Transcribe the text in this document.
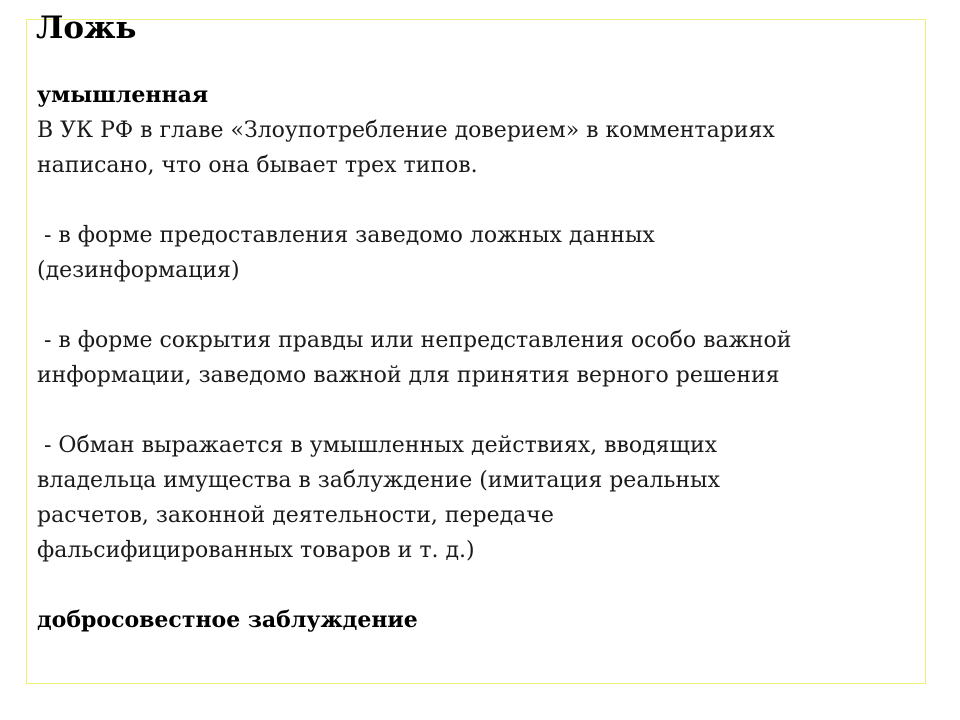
Ложь

умышленная

В УК РФ в главе «Злоупотребление доверием» в комментариях

написано, что она бывает трех типов.

- в форме предоставления заведомо ложных данных

(дезинформация)

- в форме сокрытия правды или непредставления особо важной

информации, заведомо важной для принятия верного решения

- Обман выражается в умышленных действиях, вводящих

владельца имущества в заблуждение (имитация реальных

расчетов, законной деятельности, передаче

фальсифицированных товаров и т. д.)

добросовестное заблуждение
